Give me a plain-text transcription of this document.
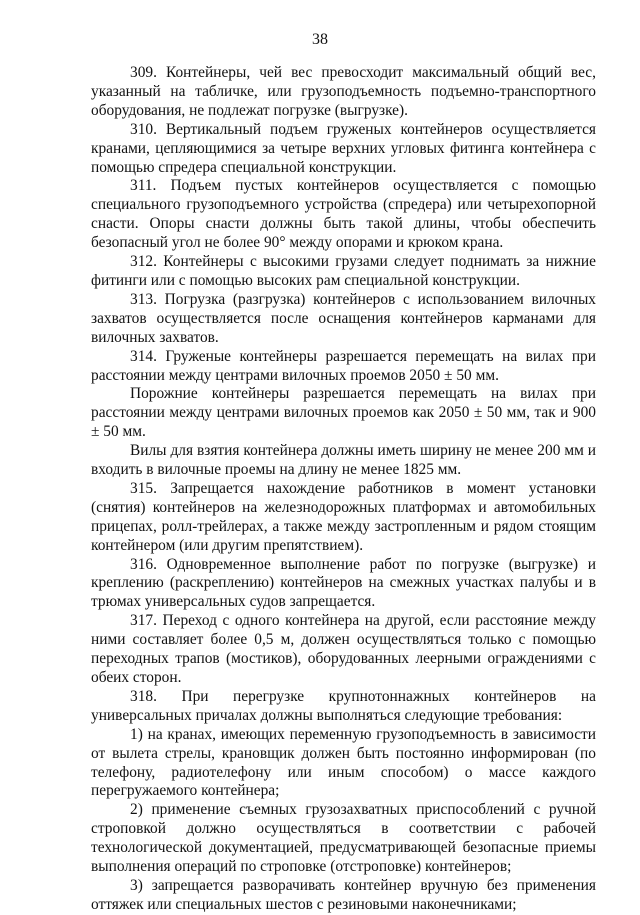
38

309. Контейнеры, чей вес превосходит максимальный общий вес, указанный на табличке, или грузоподъемность подъемно-транспортного оборудования, не подлежат погрузке (выгрузке).

310. Вертикальный подъем груженых контейнеров осуществляется кранами, цепляющимися за четыре верхних угловых фитинга контейнера с помощью спредера специальной конструкции.

311. Подъем пустых контейнеров осуществляется с помощью специального грузоподъемного устройства (спредера) или четырехопорной снасти. Опоры снасти должны быть такой длины, чтобы обеспечить безопасный угол не более 90° между опорами и крюком крана.

312. Контейнеры с высокими грузами следует поднимать за нижние фитинги или с помощью высоких рам специальной конструкции.

313. Погрузка (разгрузка) контейнеров с использованием вилочных захватов осуществляется после оснащения контейнеров карманами для вилочных захватов.

314. Груженые контейнеры разрешается перемещать на вилах при расстоянии между центрами вилочных проемов 2050 ± 50 мм.

Порожние контейнеры разрешается перемещать на вилах при расстоянии между центрами вилочных проемов как 2050 ± 50 мм, так и 900 ± 50 мм.

Вилы для взятия контейнера должны иметь ширину не менее 200 мм и входить в вилочные проемы на длину не менее 1825 мм.

315. Запрещается нахождение работников в момент установки (снятия) контейнеров на железнодорожных платформах и автомобильных прицепах, ролл-трейлерах, а также между застропленным и рядом стоящим контейнером (или другим препятствием).

316. Одновременное выполнение работ по погрузке (выгрузке) и креплению (раскреплению) контейнеров на смежных участках палубы и в трюмах универсальных судов запрещается.

317. Переход с одного контейнера на другой, если расстояние между ними составляет более 0,5 м, должен осуществляться только с помощью переходных трапов (мостиков), оборудованных леерными ограждениями с обеих сторон.

318. При перегрузке крупнотоннажных контейнеров на универсальных причалах должны выполняться следующие требования:

1) на кранах, имеющих переменную грузоподъемность в зависимости от вылета стрелы, крановщик должен быть постоянно информирован (по телефону, радиотелефону или иным способом) о массе каждого перегружаемого контейнера;

2) применение съемных грузозахватных приспособлений с ручной строповкой должно осуществляться в соответствии с рабочей технологической документацией, предусматривающей безопасные приемы выполнения операций по строповке (отстроповке) контейнеров;

3) запрещается разворачивать контейнер вручную без применения оттяжек или специальных шестов с резиновыми наконечниками;
